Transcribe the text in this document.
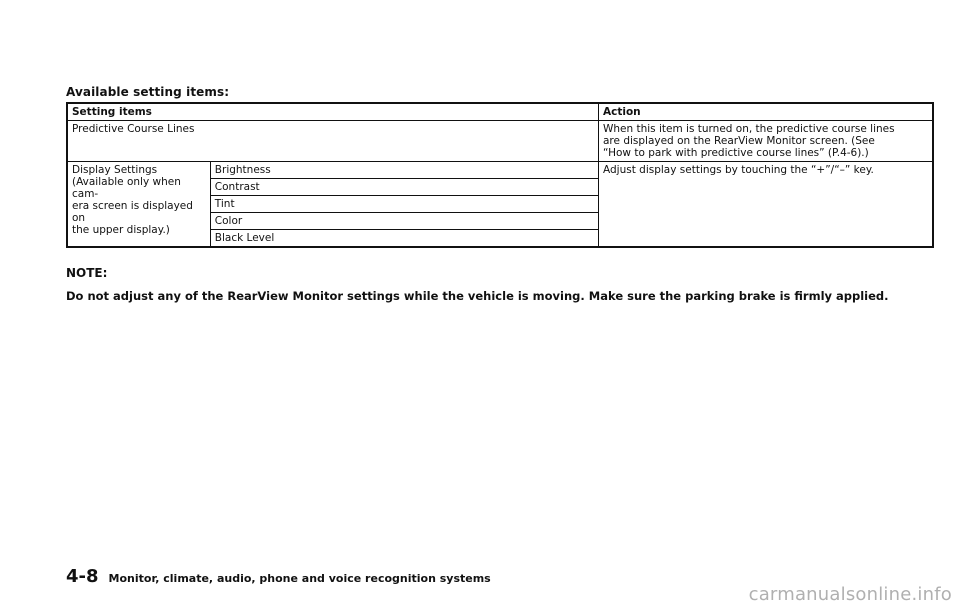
Available setting items:
Setting items		Action
Predictive Course Lines		When this item is turned on, the predictive course lines
are displayed on the RearView Monitor screen. (See
“How to park with predictive course lines” (P.4-6).)
Display Settings
(Available only when cam-
era screen is displayed on
the upper display.)	Brightness	Adjust display settings by touching the “+”/“–” key.
	Contrast	
	Tint	
	Color	
	Black Level	
NOTE:
Do not adjust any of the RearView Monitor settings while the vehicle is moving. Make sure the parking brake is firmly applied.
4-8 Monitor, climate, audio, phone and voice recognition systems
carmanualsonline.info
